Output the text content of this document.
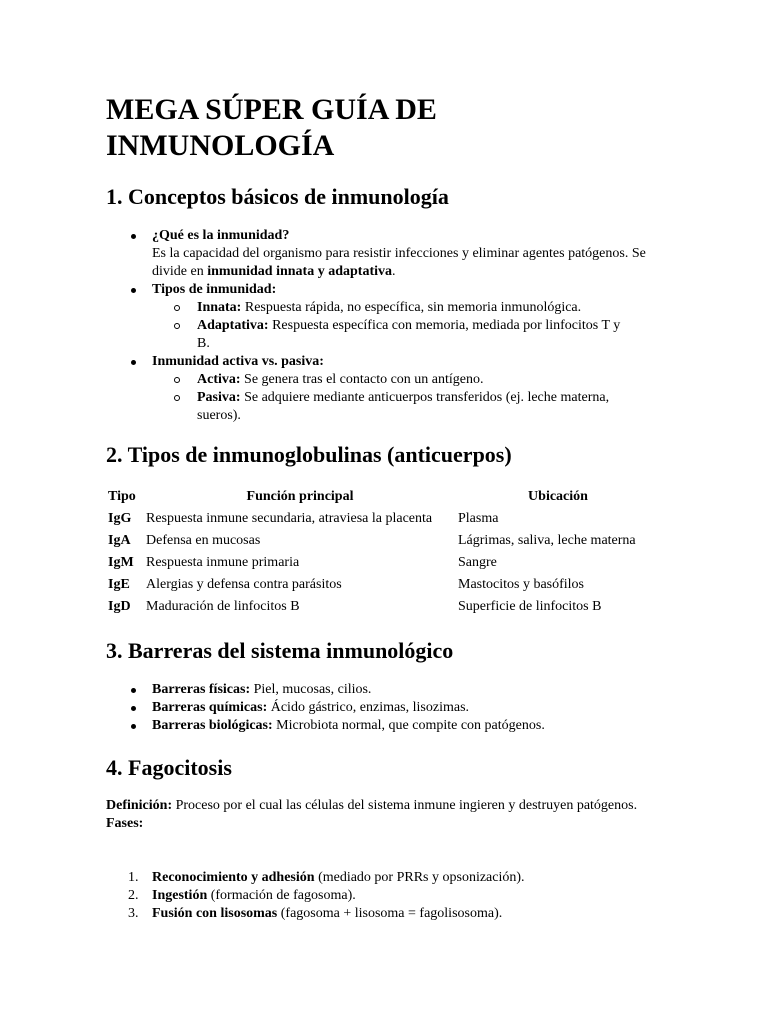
MEGA SÚPER GUÍA DE INMUNOLOGÍA
1. Conceptos básicos de inmunología
¿Qué es la inmunidad?
Es la capacidad del organismo para resistir infecciones y eliminar agentes patógenos. Se divide en inmunidad innata y adaptativa.
Tipos de inmunidad:
Innata: Respuesta rápida, no específica, sin memoria inmunológica.
Adaptativa: Respuesta específica con memoria, mediada por linfocitos T y B.
Inmunidad activa vs. pasiva:
Activa: Se genera tras el contacto con un antígeno.
Pasiva: Se adquiere mediante anticuerpos transferidos (ej. leche materna, sueros).
2. Tipos de inmunoglobulinas (anticuerpos)
Tipo	Función principal	Ubicación
IgG	Respuesta inmune secundaria, atraviesa la placenta	Plasma
IgA	Defensa en mucosas	Lágrimas, saliva, leche materna
IgM	Respuesta inmune primaria	Sangre
IgE	Alergias y defensa contra parásitos	Mastocitos y basófilos
IgD	Maduración de linfocitos B	Superficie de linfocitos B
3. Barreras del sistema inmunológico
Barreras físicas: Piel, mucosas, cilios.
Barreras químicas: Ácido gástrico, enzimas, lisozimas.
Barreras biológicas: Microbiota normal, que compite con patógenos.
4. Fagocitosis
Definición: Proceso por el cual las células del sistema inmune ingieren y destruyen patógenos.
Fases:
1. Reconocimiento y adhesión (mediado por PRRs y opsonización).
2. Ingestión (formación de fagosoma).
3. Fusión con lisosomas (fagosoma + lisosoma = fagolisosoma).
